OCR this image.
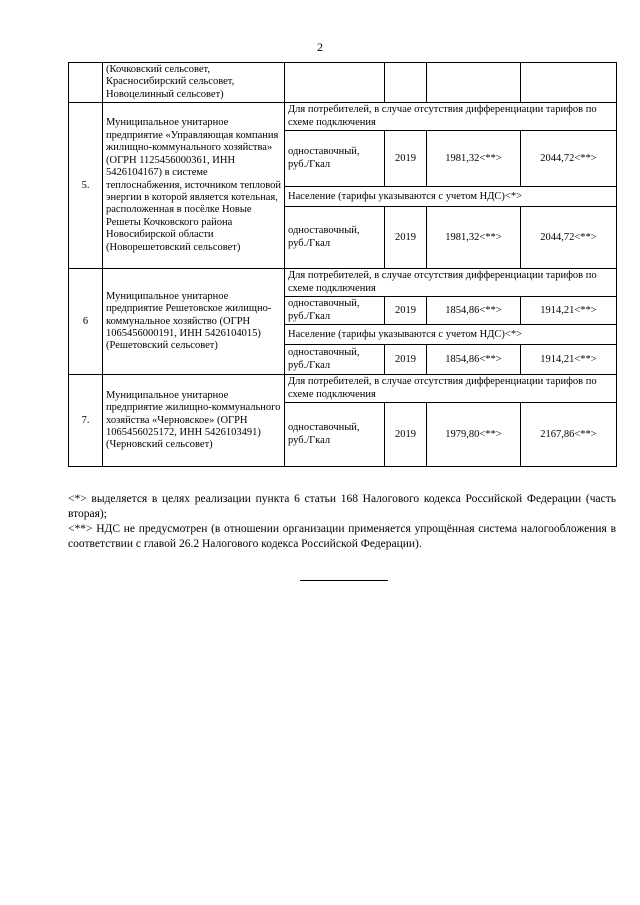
2
	(Кочковский сельсовет, Красносибирский сельсовет, Новоцелинный сельсовет)				
5.	Муниципальное унитарное предприятие «Управляющая компания жилищно-коммунального хозяйства» (ОГРН 1125456000361, ИНН 5426104167) в системе теплоснабжения, источником тепловой энергии в которой является котельная, расположенная в посёлке Новые Решеты Кочковского района Новосибирской области (Новорешетовский сельсовет)	Для потребителей, в случае отсутствия дифференциации тарифов по схеме подключения			
		одноставочный, руб./Гкал	2019	1981,32<**>	2044,72<**>
		Население (тарифы указываются с учетом НДС)<*>			
		одноставочный, руб./Гкал	2019	1981,32<**>	2044,72<**>
6	Муниципальное унитарное предприятие Решетовское жилищно-коммунальное хозяйство (ОГРН 1065456000191, ИНН 5426104015) (Решетовский сельсовет)	Для потребителей, в случае отсутствия дифференциации тарифов по схеме подключения			
		одноставочный, руб./Гкал	2019	1854,86<**>	1914,21<**>
		Население (тарифы указываются с учетом НДС)<*>			
		одноставочный, руб./Гкал	2019	1854,86<**>	1914,21<**>
7.	Муниципальное унитарное предприятие жилищно-коммунального хозяйства «Черновское» (ОГРН 1065456025172, ИНН 5426103491) (Черновский сельсовет)	Для потребителей, в случае отсутствия дифференциации тарифов по схеме подключения			
		одноставочный, руб./Гкал	2019	1979,80<**>	2167,86<**>

<*> выделяется в целях реализации пункта 6 статьи 168 Налогового кодекса Российской Федерации (часть вторая);

<**> НДС не предусмотрен (в отношении организации применяется упрощённая система налогообложения в соответствии с главой 26.2 Налогового кодекса Российской Федерации).
